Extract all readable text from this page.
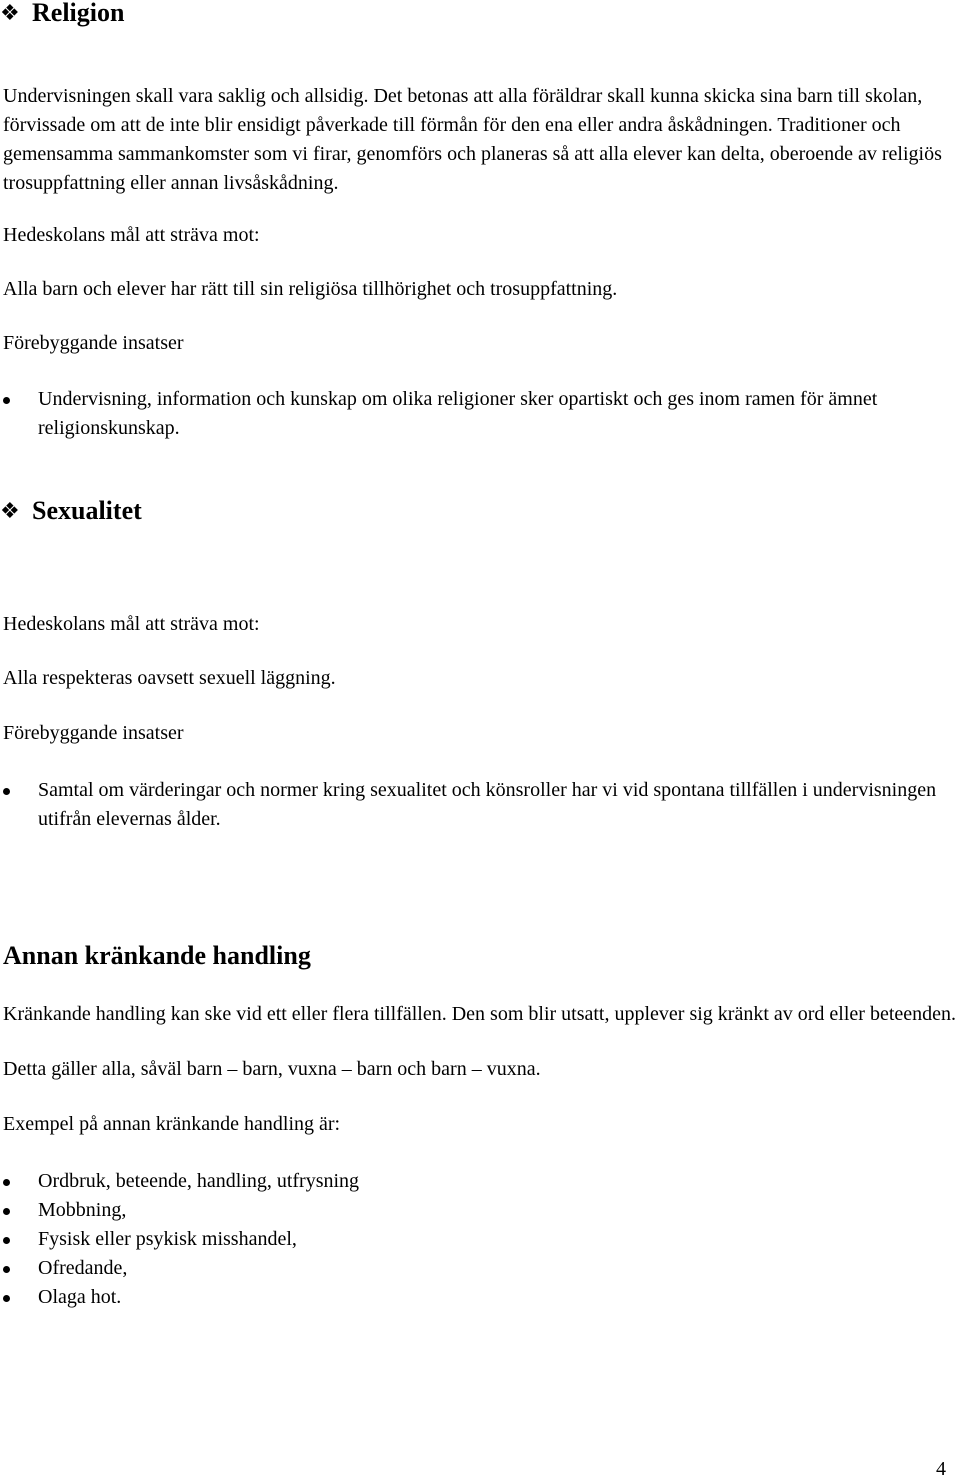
❖ Religion

Undervisningen skall vara saklig och allsidig. Det betonas att alla föräldrar skall kunna skicka sina barn till skolan, förvissade om att de inte blir ensidigt påverkade till förmån för den ena eller andra åskådningen. Traditioner och gemensamma sammankomster som vi firar, genomförs och planeras så att alla elever kan delta, oberoende av religiös trosuppfattning eller annan livsåskådning.

Hedeskolans mål att sträva mot:

Alla barn och elever har rätt till sin religiösa tillhörighet och trosuppfattning.

Förebyggande insatser

Undervisning, information och kunskap om olika religioner sker opartiskt och ges inom ramen för ämnet religionskunskap.
❖ Sexualitet

Hedeskolans mål att sträva mot:

Alla respekteras oavsett sexuell läggning.

Förebyggande insatser

Samtal om värderingar och normer kring sexualitet och könsroller har vi vid spontana tillfällen i undervisningen utifrån elevernas ålder.
Annan kränkande handling

Kränkande handling kan ske vid ett eller flera tillfällen. Den som blir utsatt, upplever sig kränkt av ord eller beteenden.

Detta gäller alla, såväl barn – barn, vuxna – barn och barn – vuxna.

Exempel på annan kränkande handling är:

Ordbruk, beteende, handling, utfrysning
Mobbning,
Fysisk eller psykisk misshandel,
Ofredande,
Olaga hot.
4
